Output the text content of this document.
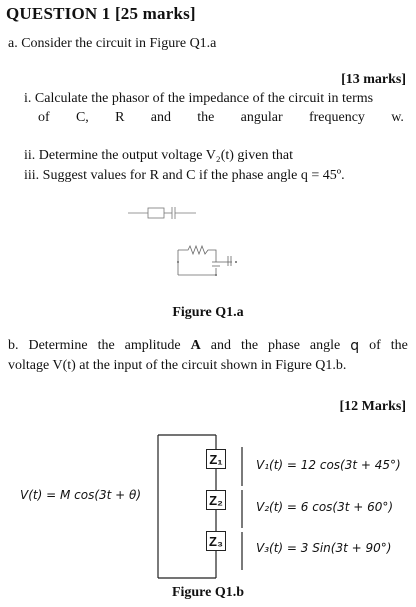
QUESTION 1 [25 marks]
a. Consider the circuit in Figure Q1.a
[13 marks]
i. Calculate the phasor of the impedance of the circuit in terms
of C, R and the angular frequency w.
ii. Determine the output voltage V₂(t) given that
iii. Suggest values for R and C if the phase angle q = 45º.
Figure Q1.a
b. Determine the amplitude A and the phase angle q of the
voltage V(t) at the input of the circuit shown in Figure Q1.b.
[12 Marks]
Z₁
Z₂
Z₃
V(t) = M cos(3t + θ)
V₁(t) = 12 cos(3t + 45°)
V₂(t) = 6 cos(3t + 60°)
V₃(t) = 3 Sin(3t + 90°)
Figure Q1.b
